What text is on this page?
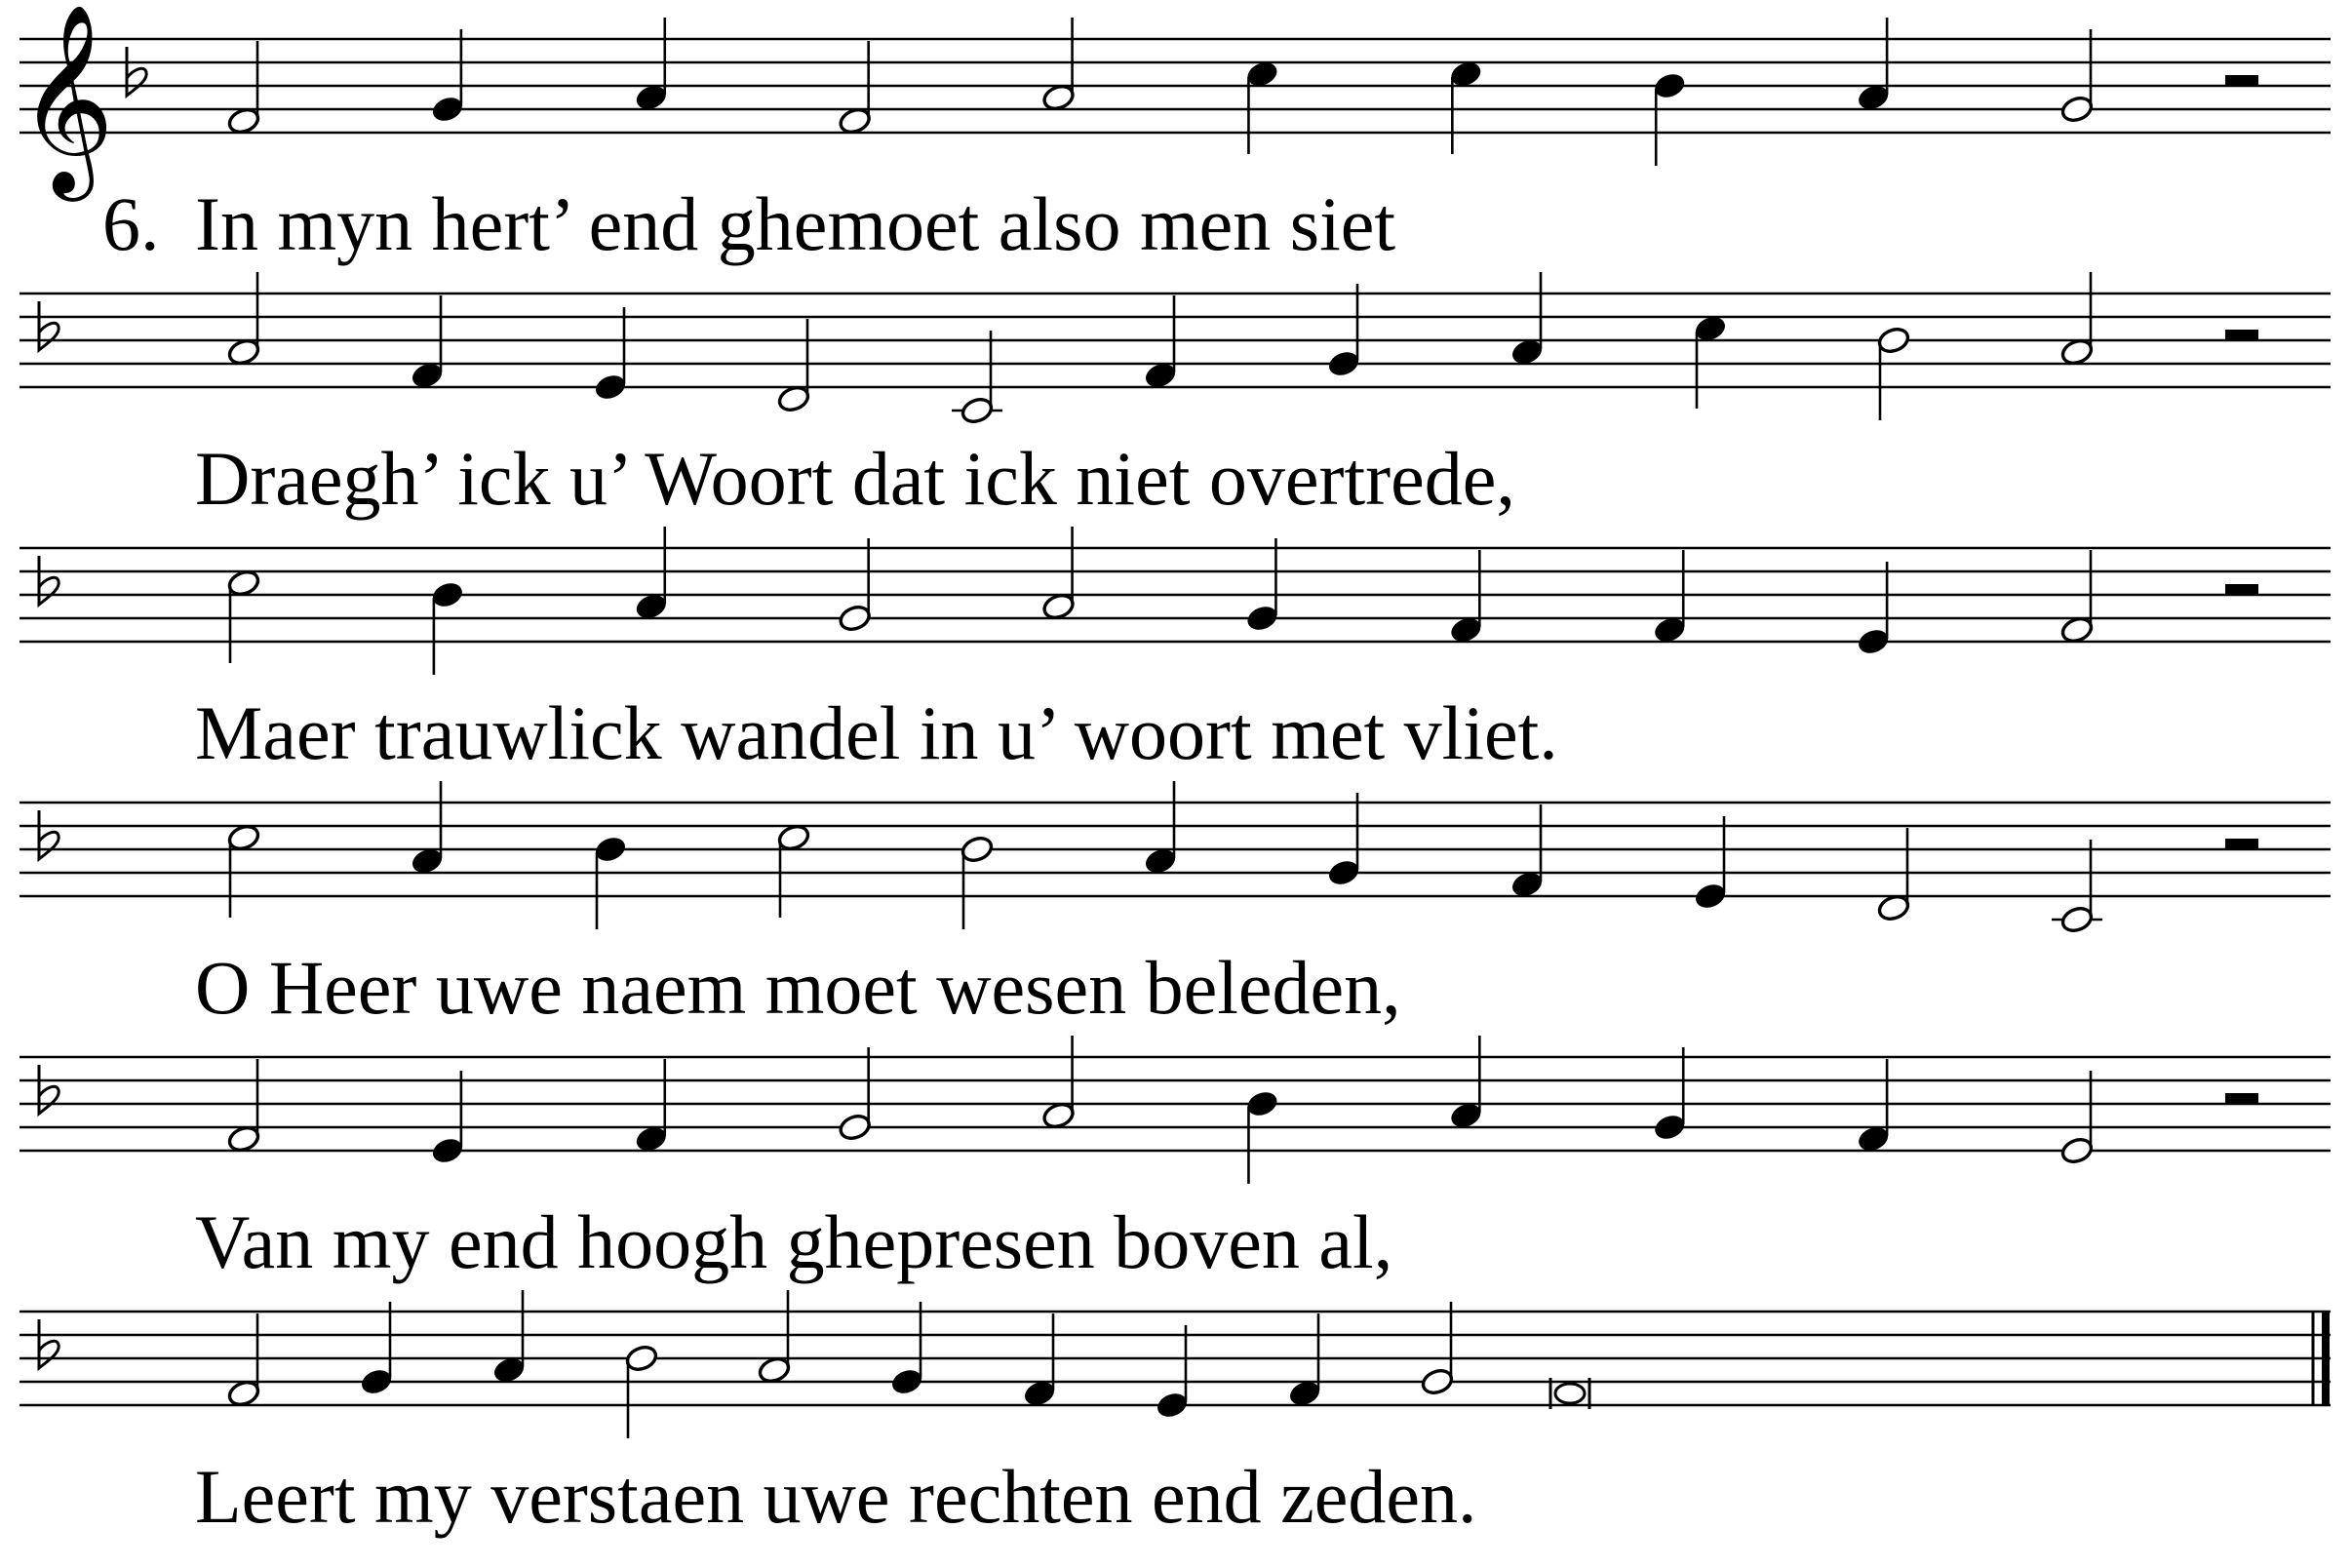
𝄞
6. In myn hert’ end ghemoet also men siet
Draegh’ ick u’ Woort dat ick niet overtrede,
Maer trauwlick wandel in u’ woort met vliet.
O Heer uwe naem moet wesen beleden,
Van my end hoogh ghepresen boven al,
Leert my verstaen uwe rechten end zeden.
